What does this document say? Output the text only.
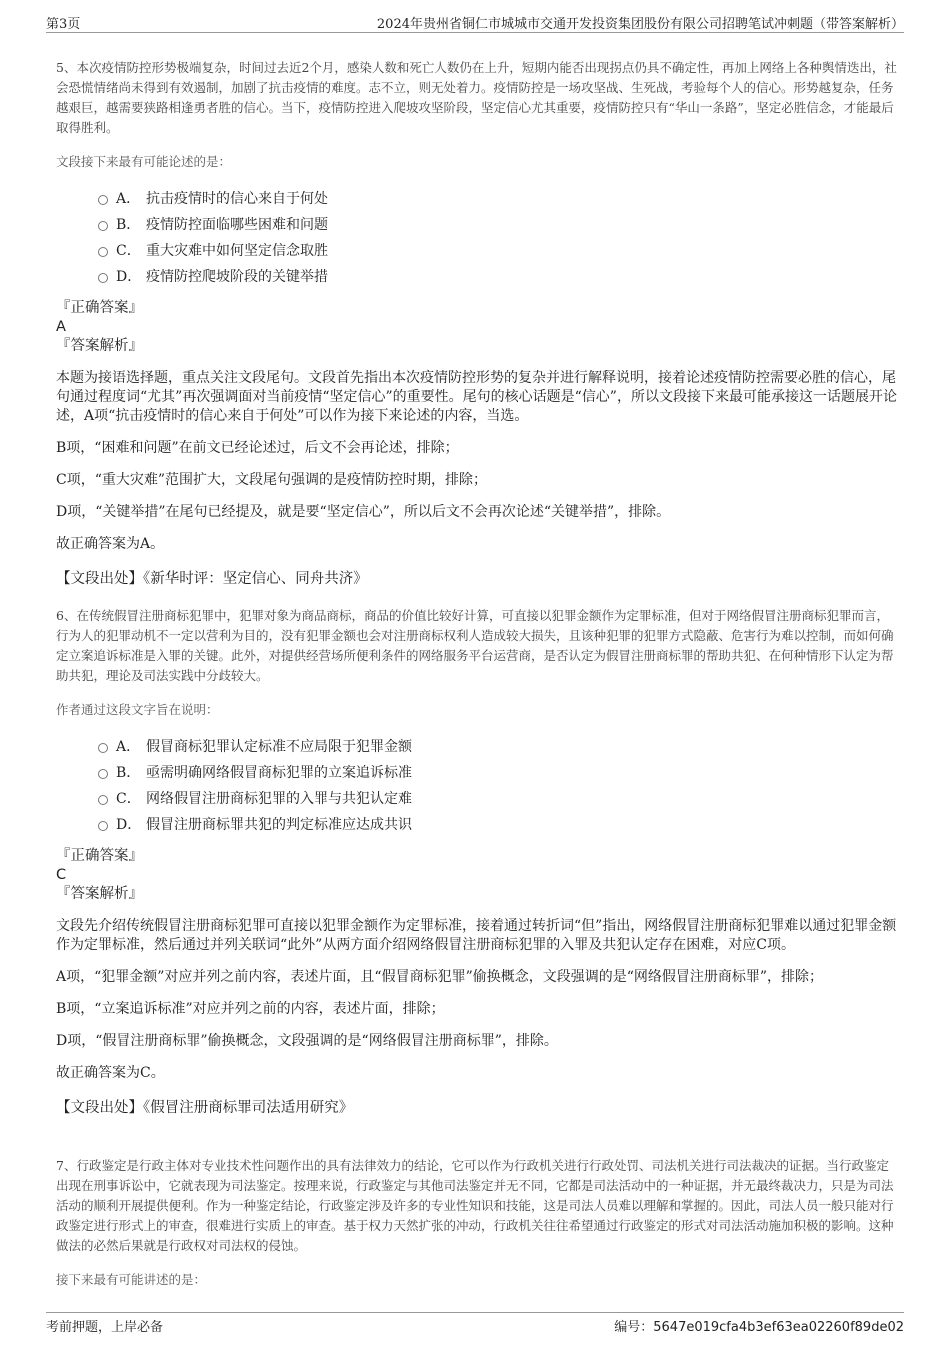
第3页	2024年贵州省铜仁市城城市交通开发投资集团股份有限公司招聘笔试冲刺题（带答案解析）

5、本次疫情防控形势极端复杂，时间过去近2个月，感染人数和死亡人数仍在上升，短期内能否出现拐点仍具不确定性，再加上网络上各种舆情迭出，社会恐慌情绪尚未得到有效遏制，加剧了抗击疫情的难度。志不立，则无处着力。疫情防控是一场攻坚战、生死战，考验每个人的信心。形势越复杂，任务越艰巨，越需要狭路相逢勇者胜的信心。当下，疫情防控进入爬坡攻坚阶段，坚定信心尤其重要，疫情防控只有“华山一条路”，坚定必胜信念，才能最后取得胜利。

文段接下来最有可能论述的是：

A． 抗击疫情时的信心来自于何处
B． 疫情防控面临哪些困难和问题
C． 重大灾难中如何坚定信念取胜
D． 疫情防控爬坡阶段的关键举措

『正确答案』

A

『答案解析』

本题为接语选择题，重点关注文段尾句。文段首先指出本次疫情防控形势的复杂并进行解释说明，接着论述疫情防控需要必胜的信心，尾句通过程度词“尤其”再次强调面对当前疫情“坚定信心”的重要性。尾句的核心话题是“信心”，所以文段接下来最可能承接这一话题展开论述，A项“抗击疫情时的信心来自于何处”可以作为接下来论述的内容，当选。

B项，“困难和问题”在前文已经论述过，后文不会再论述，排除；

C项，“重大灾难”范围扩大，文段尾句强调的是疫情防控时期，排除；

D项，“关键举措”在尾句已经提及，就是要“坚定信心”，所以后文不会再次论述“关键举措”，排除。

故正确答案为A。

【文段出处】《新华时评：坚定信心、同舟共济》

6、在传统假冒注册商标犯罪中，犯罪对象为商品商标，商品的价值比较好计算，可直接以犯罪金额作为定罪标准，但对于网络假冒注册商标犯罪而言，行为人的犯罪动机不一定以营利为目的，没有犯罪金额也会对注册商标权利人造成较大损失，且该种犯罪的犯罪方式隐蔽、危害行为难以控制，而如何确定立案追诉标准是入罪的关键。此外，对提供经营场所便利条件的网络服务平台运营商，是否认定为假冒注册商标罪的帮助共犯、在何种情形下认定为帮助共犯，理论及司法实践中分歧较大。

作者通过这段文字旨在说明：

A． 假冒商标犯罪认定标准不应局限于犯罪金额
B． 亟需明确网络假冒商标犯罪的立案追诉标准
C． 网络假冒注册商标犯罪的入罪与共犯认定难
D． 假冒注册商标罪共犯的判定标准应达成共识

『正确答案』

C

『答案解析』

文段先介绍传统假冒注册商标犯罪可直接以犯罪金额作为定罪标准，接着通过转折词“但”指出，网络假冒注册商标犯罪难以通过犯罪金额作为定罪标准，然后通过并列关联词“此外”从两方面介绍网络假冒注册商标犯罪的入罪及共犯认定存在困难，对应C项。

A项，“犯罪金额”对应并列之前内容，表述片面，且“假冒商标犯罪”偷换概念，文段强调的是“网络假冒注册商标罪”，排除；

B项，“立案追诉标准”对应并列之前的内容，表述片面，排除；

D项，“假冒注册商标罪”偷换概念，文段强调的是“网络假冒注册商标罪”，排除。

故正确答案为C。

【文段出处】《假冒注册商标罪司法适用研究》

7、行政鉴定是行政主体对专业技术性问题作出的具有法律效力的结论，它可以作为行政机关进行行政处罚、司法机关进行司法裁决的证据。当行政鉴定出现在刑事诉讼中，它就表现为司法鉴定。按理来说，行政鉴定与其他司法鉴定并无不同，它都是司法活动中的一种证据，并无最终裁决力，只是为司法活动的顺利开展提供便利。作为一种鉴定结论，行政鉴定涉及许多的专业性知识和技能，这是司法人员难以理解和掌握的。因此，司法人员一般只能对行政鉴定进行形式上的审查，很难进行实质上的审查。基于权力天然扩张的冲动，行政机关往往希望通过行政鉴定的形式对司法活动施加积极的影响。这种做法的必然后果就是行政权对司法权的侵蚀。

接下来最有可能讲述的是：

考前押题，上岸必备	编号：5647e019cfa4b3ef63ea02260f89de02
